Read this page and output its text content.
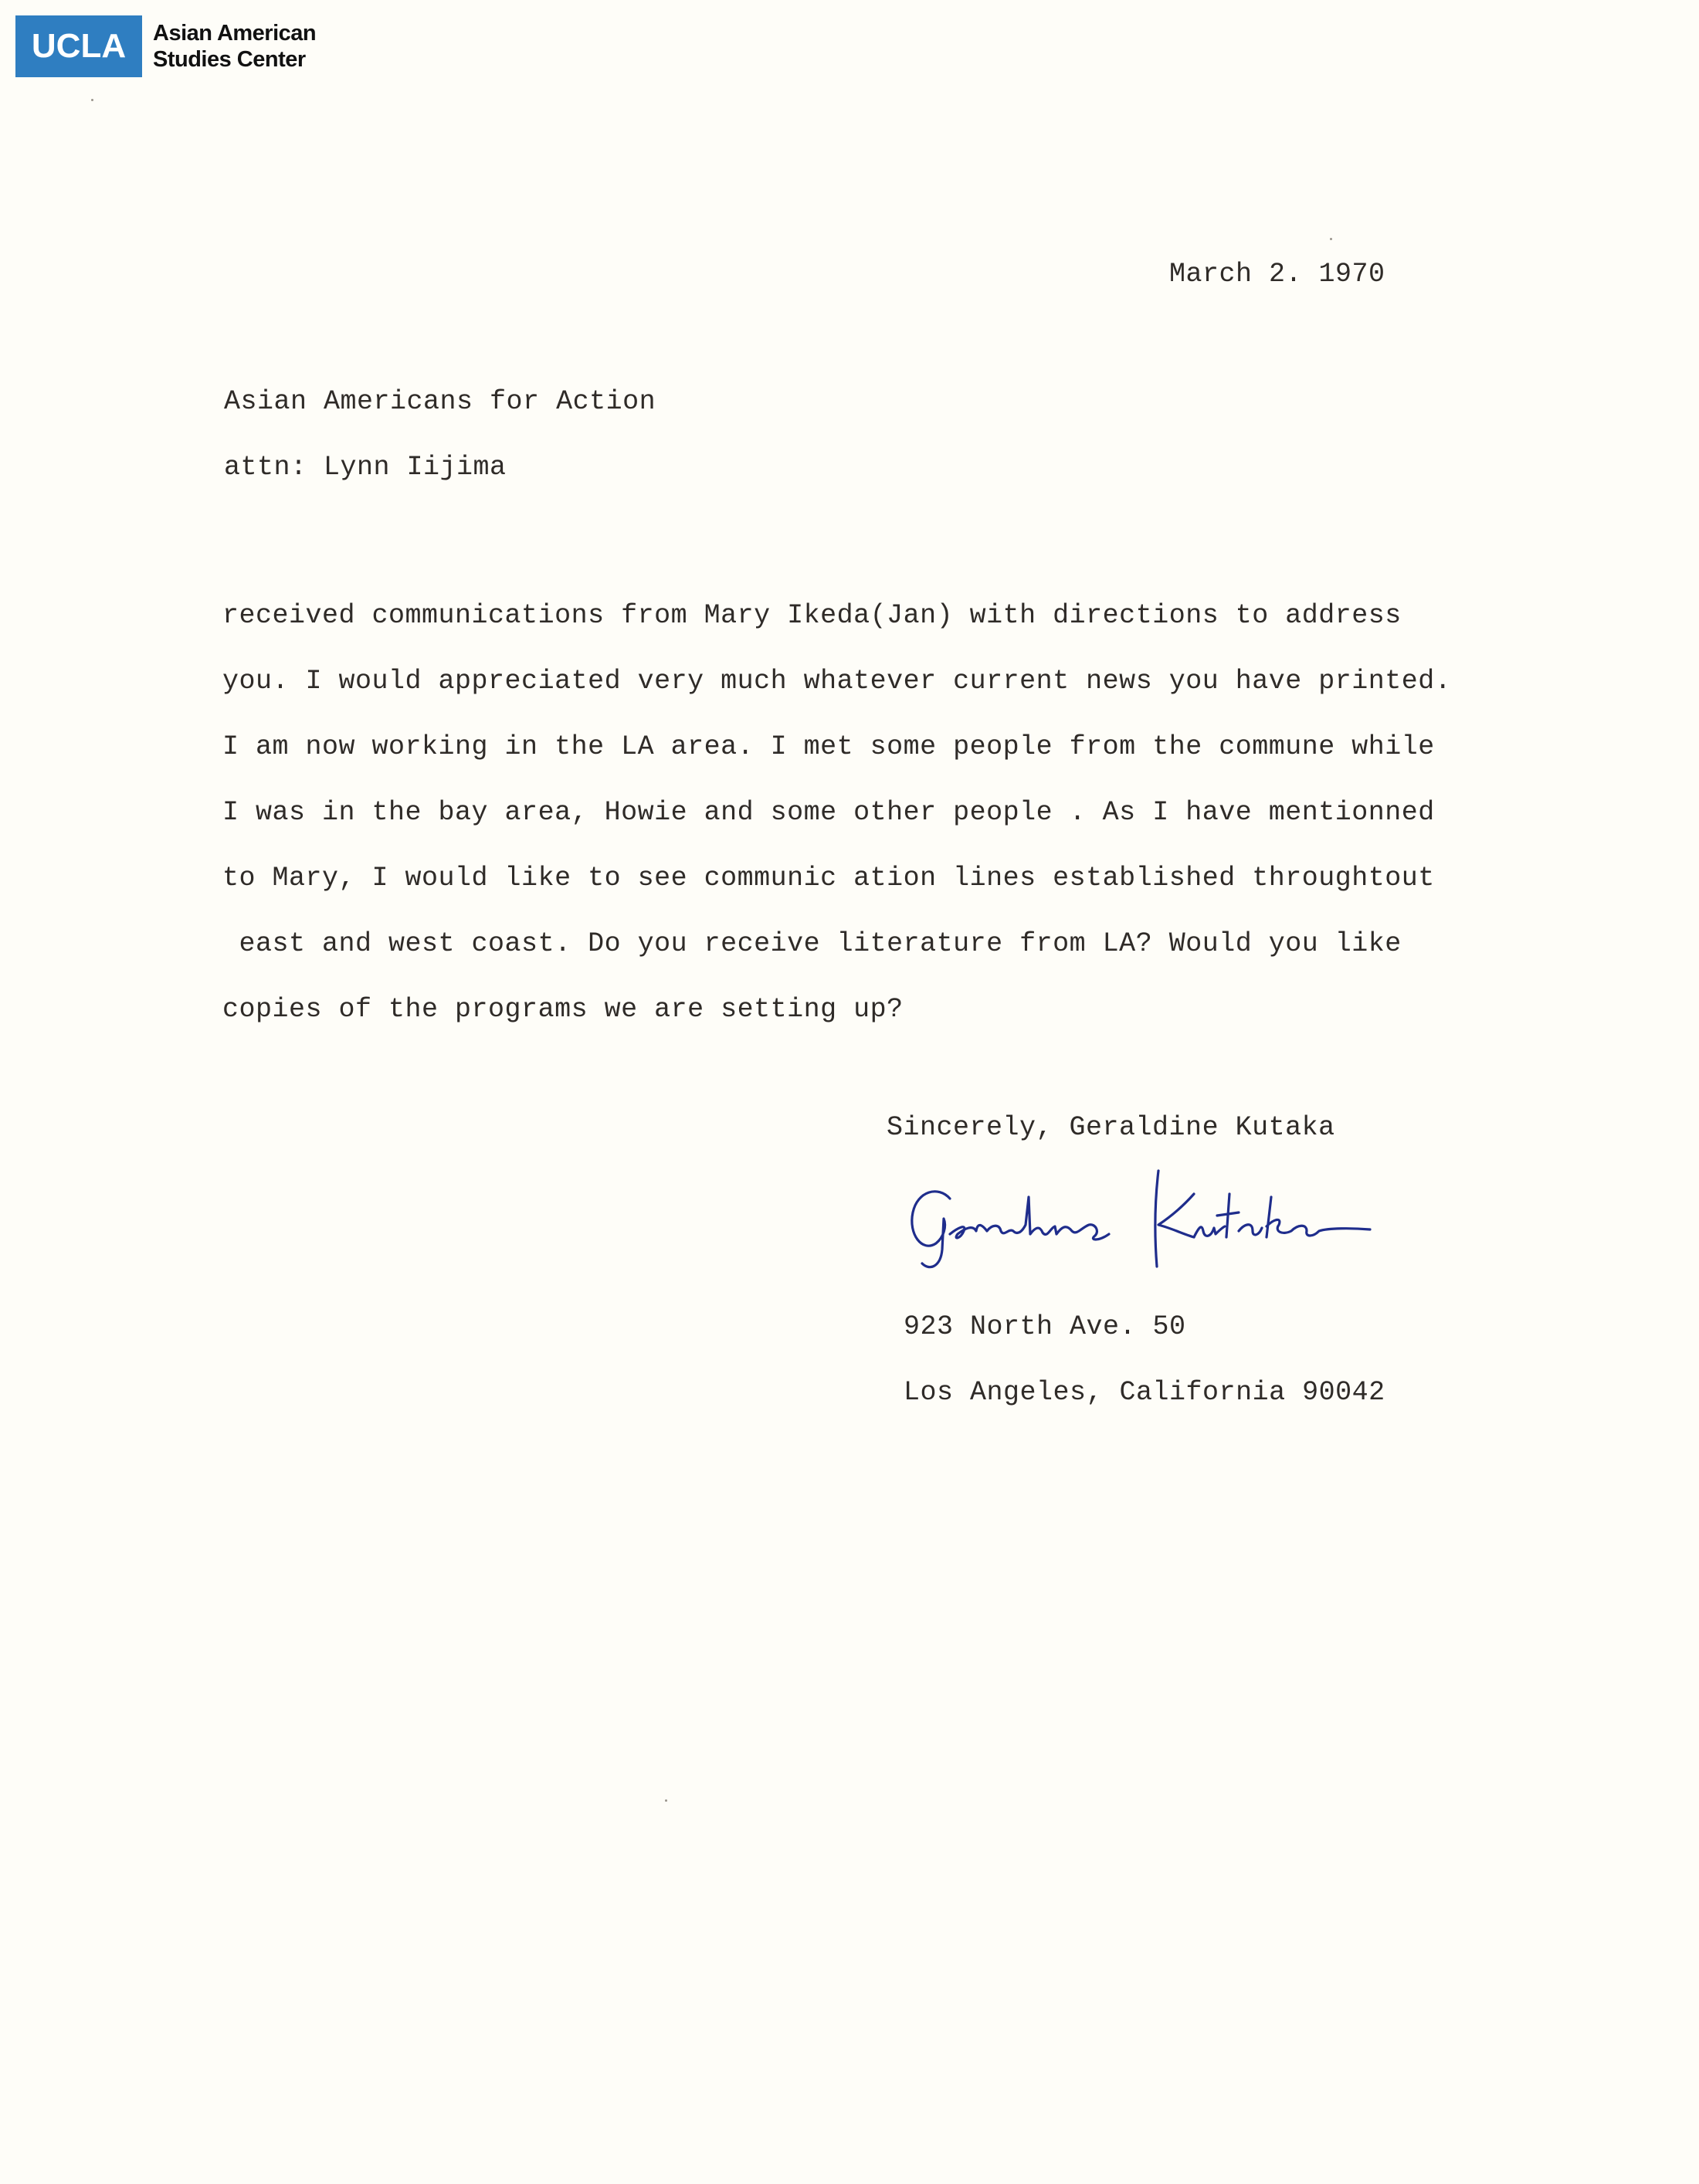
UCLA	Asian American
Studies Center
March 2. 1970
Asian Americans for Action
attn: Lynn Iijima
received communications from Mary Ikeda(Jan) with directions to address
you. I would appreciated very much whatever current news you have printed.
I am now working in the LA area. I met some people from the commune while
I was in the bay area, Howie and some other people . As I have mentionned
to Mary, I would like to see communic ation lines established throughtout
east and west coast. Do you receive literature from LA? Would you like
copies of the programs we are setting up?
Sincerely, Geraldine Kutaka
923 North Ave. 50
Los Angeles, California 90042
